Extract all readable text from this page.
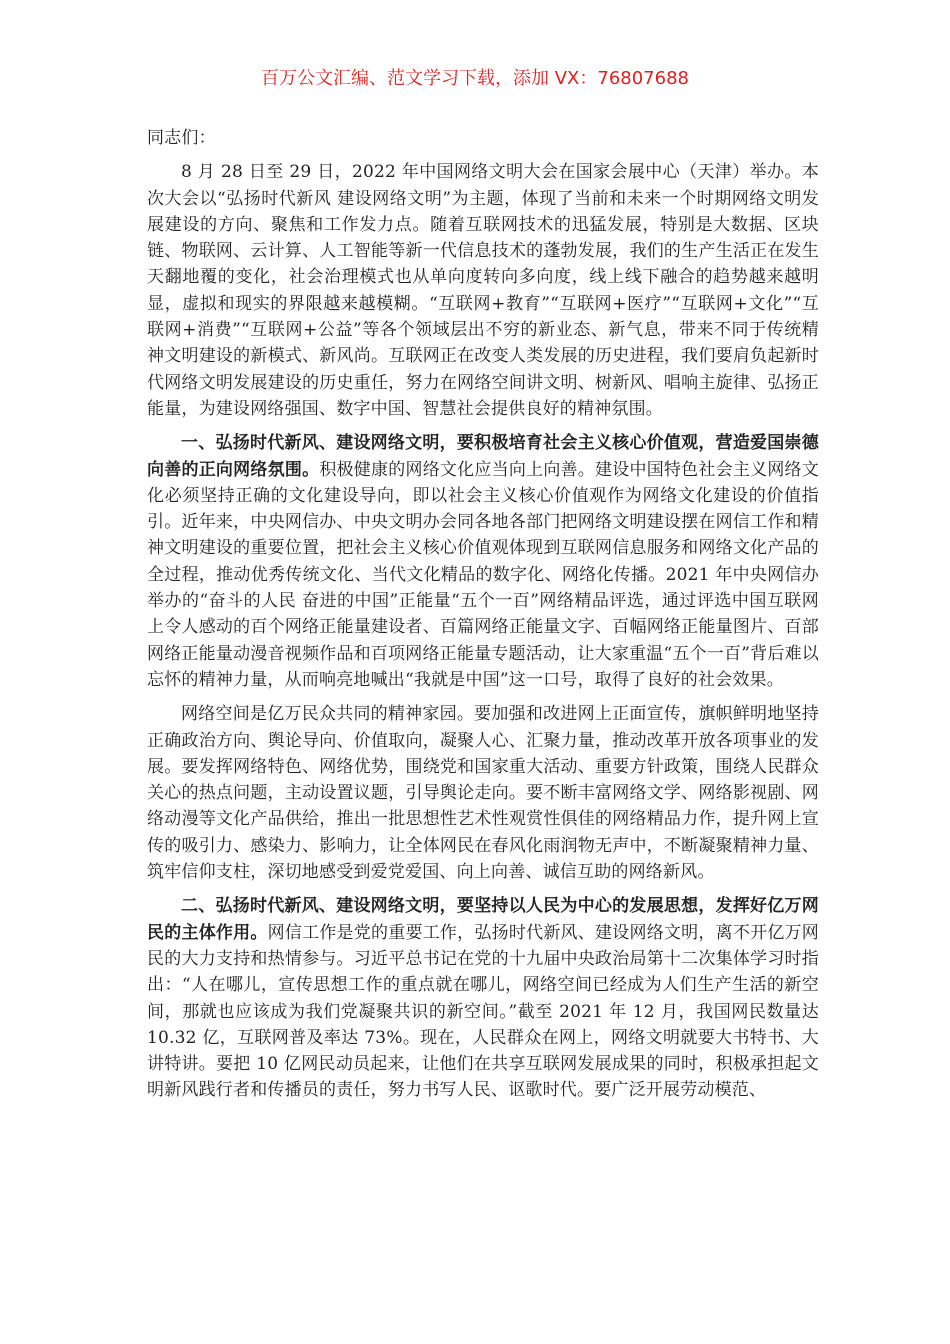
百万公文汇编、范文学习下载，添加 VX：76807688

同志们：

8 月 28 日至 29 日，2022 年中国网络文明大会在国家会展中心（天津）举办。本次大会以“弘扬时代新风 建设网络文明”为主题，体现了当前和未来一个时期网络文明发展建设的方向、聚焦和工作发力点。随着互联网技术的迅猛发展，特别是大数据、区块链、物联网、云计算、人工智能等新一代信息技术的蓬勃发展，我们的生产生活正在发生天翻地覆的变化，社会治理模式也从单向度转向多向度，线上线下融合的趋势越来越明显，虚拟和现实的界限越来越模糊。“互联网+教育”“互联网+医疗”“互联网+文化”“互联网+消费”“互联网+公益”等各个领域层出不穷的新业态、新气息，带来不同于传统精神文明建设的新模式、新风尚。互联网正在改变人类发展的历史进程，我们要肩负起新时代网络文明发展建设的历史重任，努力在网络空间讲文明、树新风、唱响主旋律、弘扬正能量，为建设网络强国、数字中国、智慧社会提供良好的精神氛围。

一、弘扬时代新风、建设网络文明，要积极培育社会主义核心价值观，营造爱国崇德向善的正向网络氛围。积极健康的网络文化应当向上向善。建设中国特色社会主义网络文化必须坚持正确的文化建设导向，即以社会主义核心价值观作为网络文化建设的价值指引。近年来，中央网信办、中央文明办会同各地各部门把网络文明建设摆在网信工作和精神文明建设的重要位置，把社会主义核心价值观体现到互联网信息服务和网络文化产品的全过程，推动优秀传统文化、当代文化精品的数字化、网络化传播。2021 年中央网信办举办的“奋斗的人民 奋进的中国”正能量“五个一百”网络精品评选，通过评选中国互联网上令人感动的百个网络正能量建设者、百篇网络正能量文字、百幅网络正能量图片、百部网络正能量动漫音视频作品和百项网络正能量专题活动，让大家重温“五个一百”背后难以忘怀的精神力量，从而响亮地喊出“我就是中国”这一口号，取得了良好的社会效果。

网络空间是亿万民众共同的精神家园。要加强和改进网上正面宣传，旗帜鲜明地坚持正确政治方向、舆论导向、价值取向，凝聚人心、汇聚力量，推动改革开放各项事业的发展。要发挥网络特色、网络优势，围绕党和国家重大活动、重要方针政策，围绕人民群众关心的热点问题，主动设置议题，引导舆论走向。要不断丰富网络文学、网络影视剧、网络动漫等文化产品供给，推出一批思想性艺术性观赏性俱佳的网络精品力作，提升网上宣传的吸引力、感染力、影响力，让全体网民在春风化雨润物无声中，不断凝聚精神力量、筑牢信仰支柱，深切地感受到爱党爱国、向上向善、诚信互助的网络新风。

二、弘扬时代新风、建设网络文明，要坚持以人民为中心的发展思想，发挥好亿万网民的主体作用。网信工作是党的重要工作，弘扬时代新风、建设网络文明，离不开亿万网民的大力支持和热情参与。习近平总书记在党的十九届中央政治局第十二次集体学习时指出：“人在哪儿，宣传思想工作的重点就在哪儿，网络空间已经成为人们生产生活的新空间，那就也应该成为我们党凝聚共识的新空间。”截至 2021 年 12 月，我国网民数量达 10.32 亿，互联网普及率达 73%。现在，人民群众在网上，网络文明就要大书特书、大讲特讲。要把 10 亿网民动员起来，让他们在共享互联网发展成果的同时，积极承担起文明新风践行者和传播员的责任，努力书写人民、讴歌时代。要广泛开展劳动模范、
